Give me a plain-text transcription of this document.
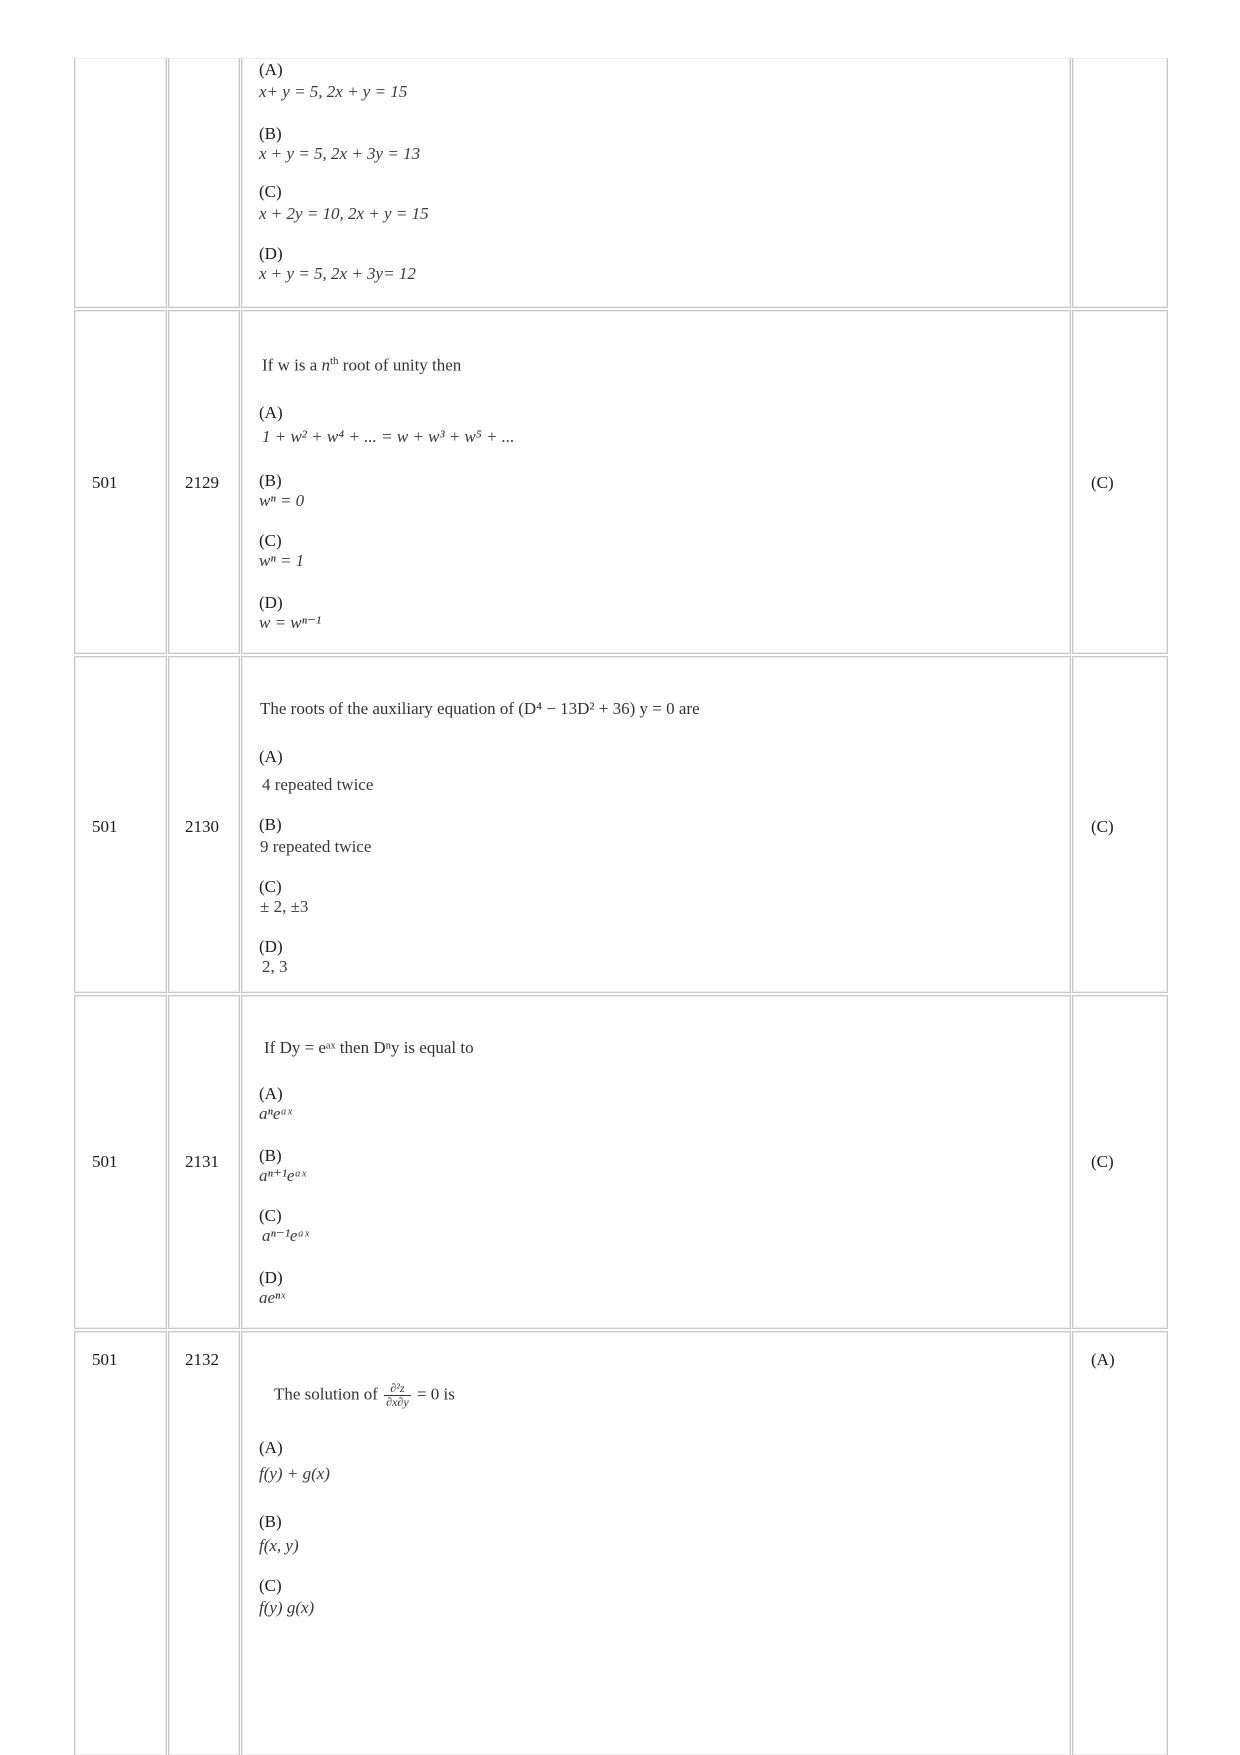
(A)
x+ y = 5, 2x + y = 15
(B)
x + y = 5, 2x + 3y = 13
(C)
x + 2y = 10, 2x + y = 15
(D)
x + y = 5, 2x + 3y= 12
501	2129
If w is a $n^{th}$ root of unity then
(A)
1 + w² + w⁴ + ... = w + w³ + w⁵ + ...
(B)
wⁿ = 0
(C)
wⁿ = 1
(D)
w = wⁿ⁻¹
(C)
501	2130
The roots of the auxiliary equation of (D⁴ − 13D² + 36) y = 0 are
(A)
4 repeated twice
(B)
9 repeated twice
(C)
± 2, ±3
(D)
2, 3
(C)
501	2131
If Dy = eᵃˣ then Dⁿy is equal to
(A)
aⁿeᵃˣ
(B)
aⁿ⁺¹eᵃˣ
(C)
aⁿ⁻¹eᵃˣ
(D)
aeⁿˣ
(C)
501	2132
The solution of $\frac{\text{∂²z}}{\partial x\partial y} = 0$ is
(A)
f(y) + g(x)
(B)
f(x, y)
(C)
f(y) g(x)
(A)
